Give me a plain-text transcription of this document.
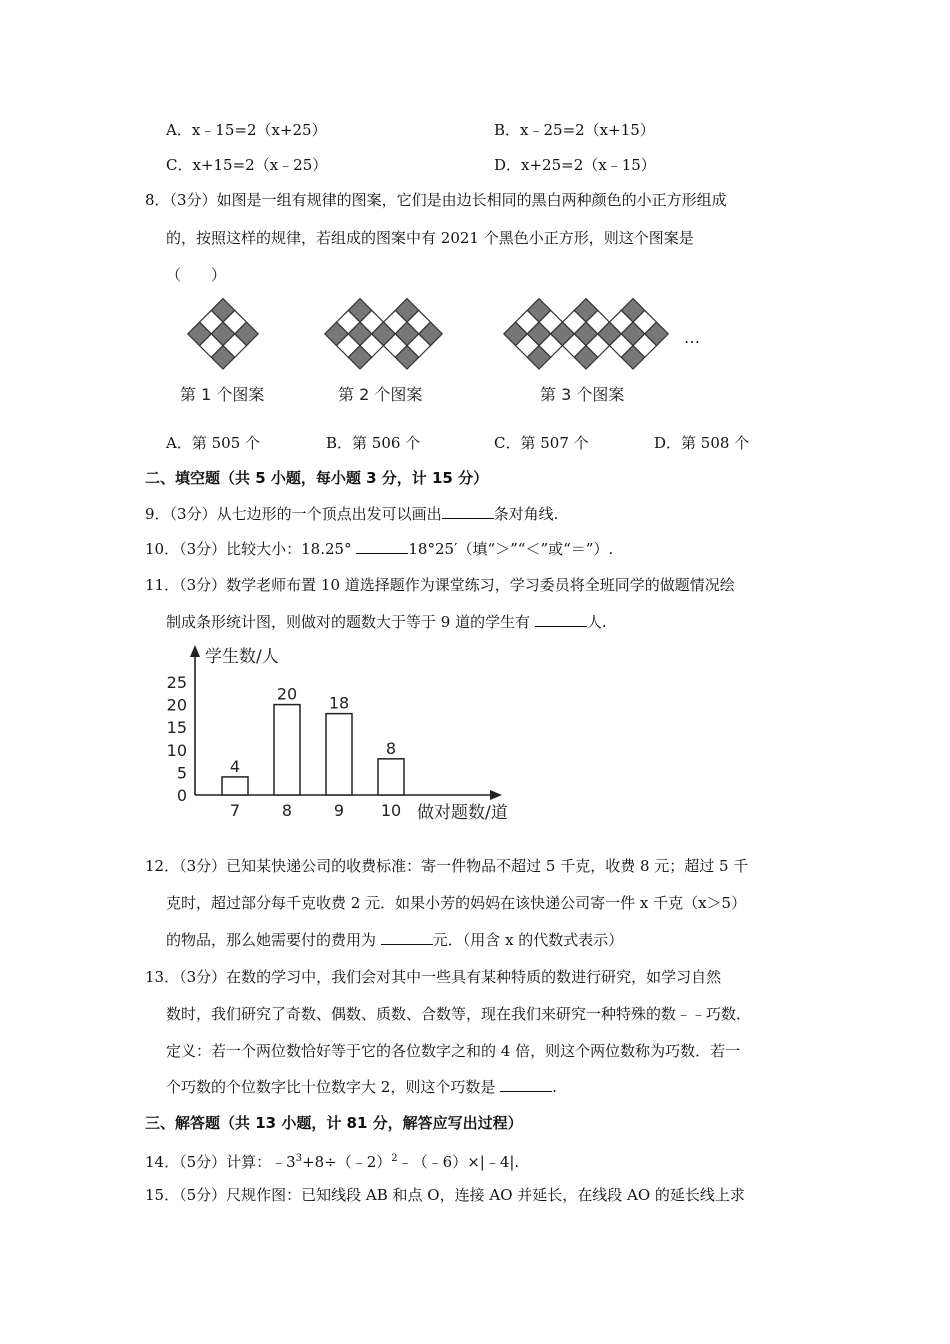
A．x﹣15=2（x+25）	B．x﹣25=2（x+15）
C．x+15=2（x﹣25）	D．x+25=2（x﹣15）
8．（3分）如图是一组有规律的图案，它们是由边长相同的黑白两种颜色的小正方形组成
的，按照这样的规律，若组成的图案中有 2021 个黑色小正方形，则这个图案是
（　　）
…
第 1 个图案	第 2 个图案	第 3 个图案
A．第 505 个	B．第 506 个	C．第 507 个	D．第 508 个
二、填空题（共 5 小题，每小题 3 分，计 15 分）
9．（3分）从七边形的一个顶点出发可以画出	条对角线.
10．（3分）比较大小：18.25°	18°25′（填“＞”“＜”或“＝”）.
11．（3分）数学老师布置 10 道选择题作为课堂练习，学习委员将全班同学的做题情况绘
制成条形统计图，则做对的题数大于等于 9 道的学生有	人.
学生数/人
做对题数/道
0
5
10
15
20
25
4
7
20
8
18
9
8
10
12．（3分）已知某快递公司的收费标准：寄一件物品不超过 5 千克，收费 8 元；超过 5 千
克时，超过部分每千克收费 2 元．如果小芳的妈妈在该快递公司寄一件 x 千克（x＞5）
的物品，那么她需要付的费用为	元．（用含 x 的代数式表示）
13．（3分）在数的学习中，我们会对其中一些具有某种特质的数进行研究，如学习自然
数时，我们研究了奇数、偶数、质数、合数等，现在我们来研究一种特殊的数﹣﹣巧数．
定义：若一个两位数恰好等于它的各位数字之和的 4 倍，则这个两位数称为巧数．若一
个巧数的个位数字比十位数字大 2，则这个巧数是	.
三、解答题（共 13 小题，计 81 分，解答应写出过程）
14．（5分）计算：$﹣3^3+8\div(﹣2)^2﹣(﹣6)\times|﹣4|$.
15．（5分）尺规作图：已知线段 AB 和点 O，连接 AO 并延长，在线段 AO 的延长线上求
